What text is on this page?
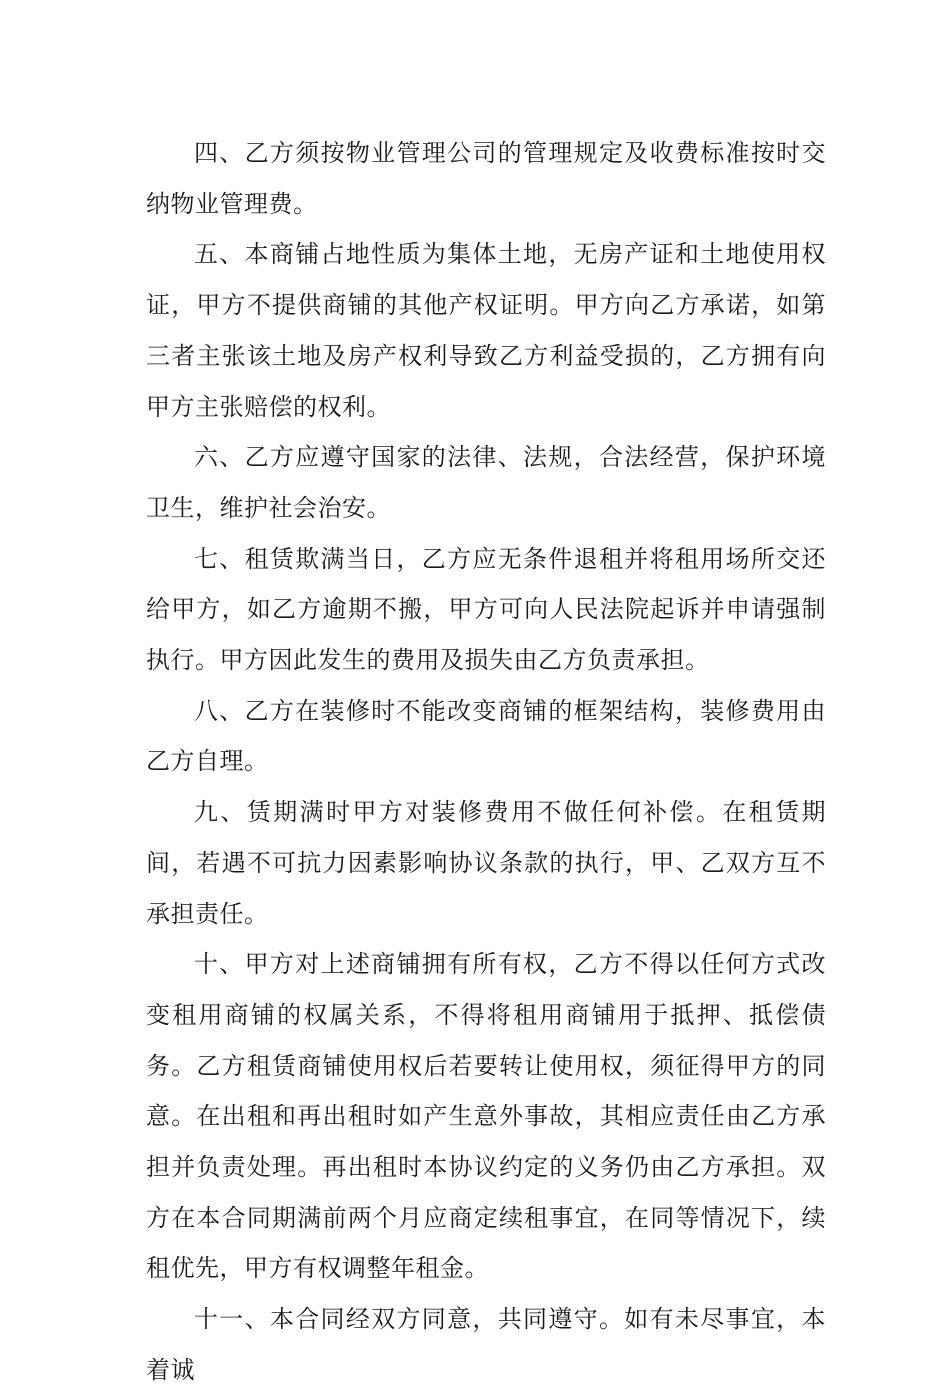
四、乙方须按物业管理公司的管理规定及收费标准按时交纳物业管理费。

五、本商铺占地性质为集体土地，无房产证和土地使用权证，甲方不提供商铺的其他产权证明。甲方向乙方承诺，如第三者主张该土地及房产权利导致乙方利益受损的，乙方拥有向甲方主张赔偿的权利。

六、乙方应遵守国家的法律、法规，合法经营，保护环境卫生，维护社会治安。

七、租赁欺满当日，乙方应无条件退租并将租用场所交还给甲方，如乙方逾期不搬，甲方可向人民法院起诉并申请强制执行。甲方因此发生的费用及损失由乙方负责承担。

八、乙方在装修时不能改变商铺的框架结构，装修费用由乙方自理。

九、赁期满时甲方对装修费用不做任何补偿。在租赁期间，若遇不可抗力因素影响协议条款的执行，甲、乙双方互不承担责任。

十、甲方对上述商铺拥有所有权，乙方不得以任何方式改变租用商铺的权属关系，不得将租用商铺用于抵押、抵偿债务。乙方租赁商铺使用权后若要转让使用权，须征得甲方的同意。在出租和再出租时如产生意外事故，其相应责任由乙方承担并负责处理。再出租时本协议约定的义务仍由乙方承担。双方在本合同期满前两个月应商定续租事宜，在同等情况下，续租优先，甲方有权调整年租金。

十一、本合同经双方同意，共同遵守。如有未尽事宜，本着诚
